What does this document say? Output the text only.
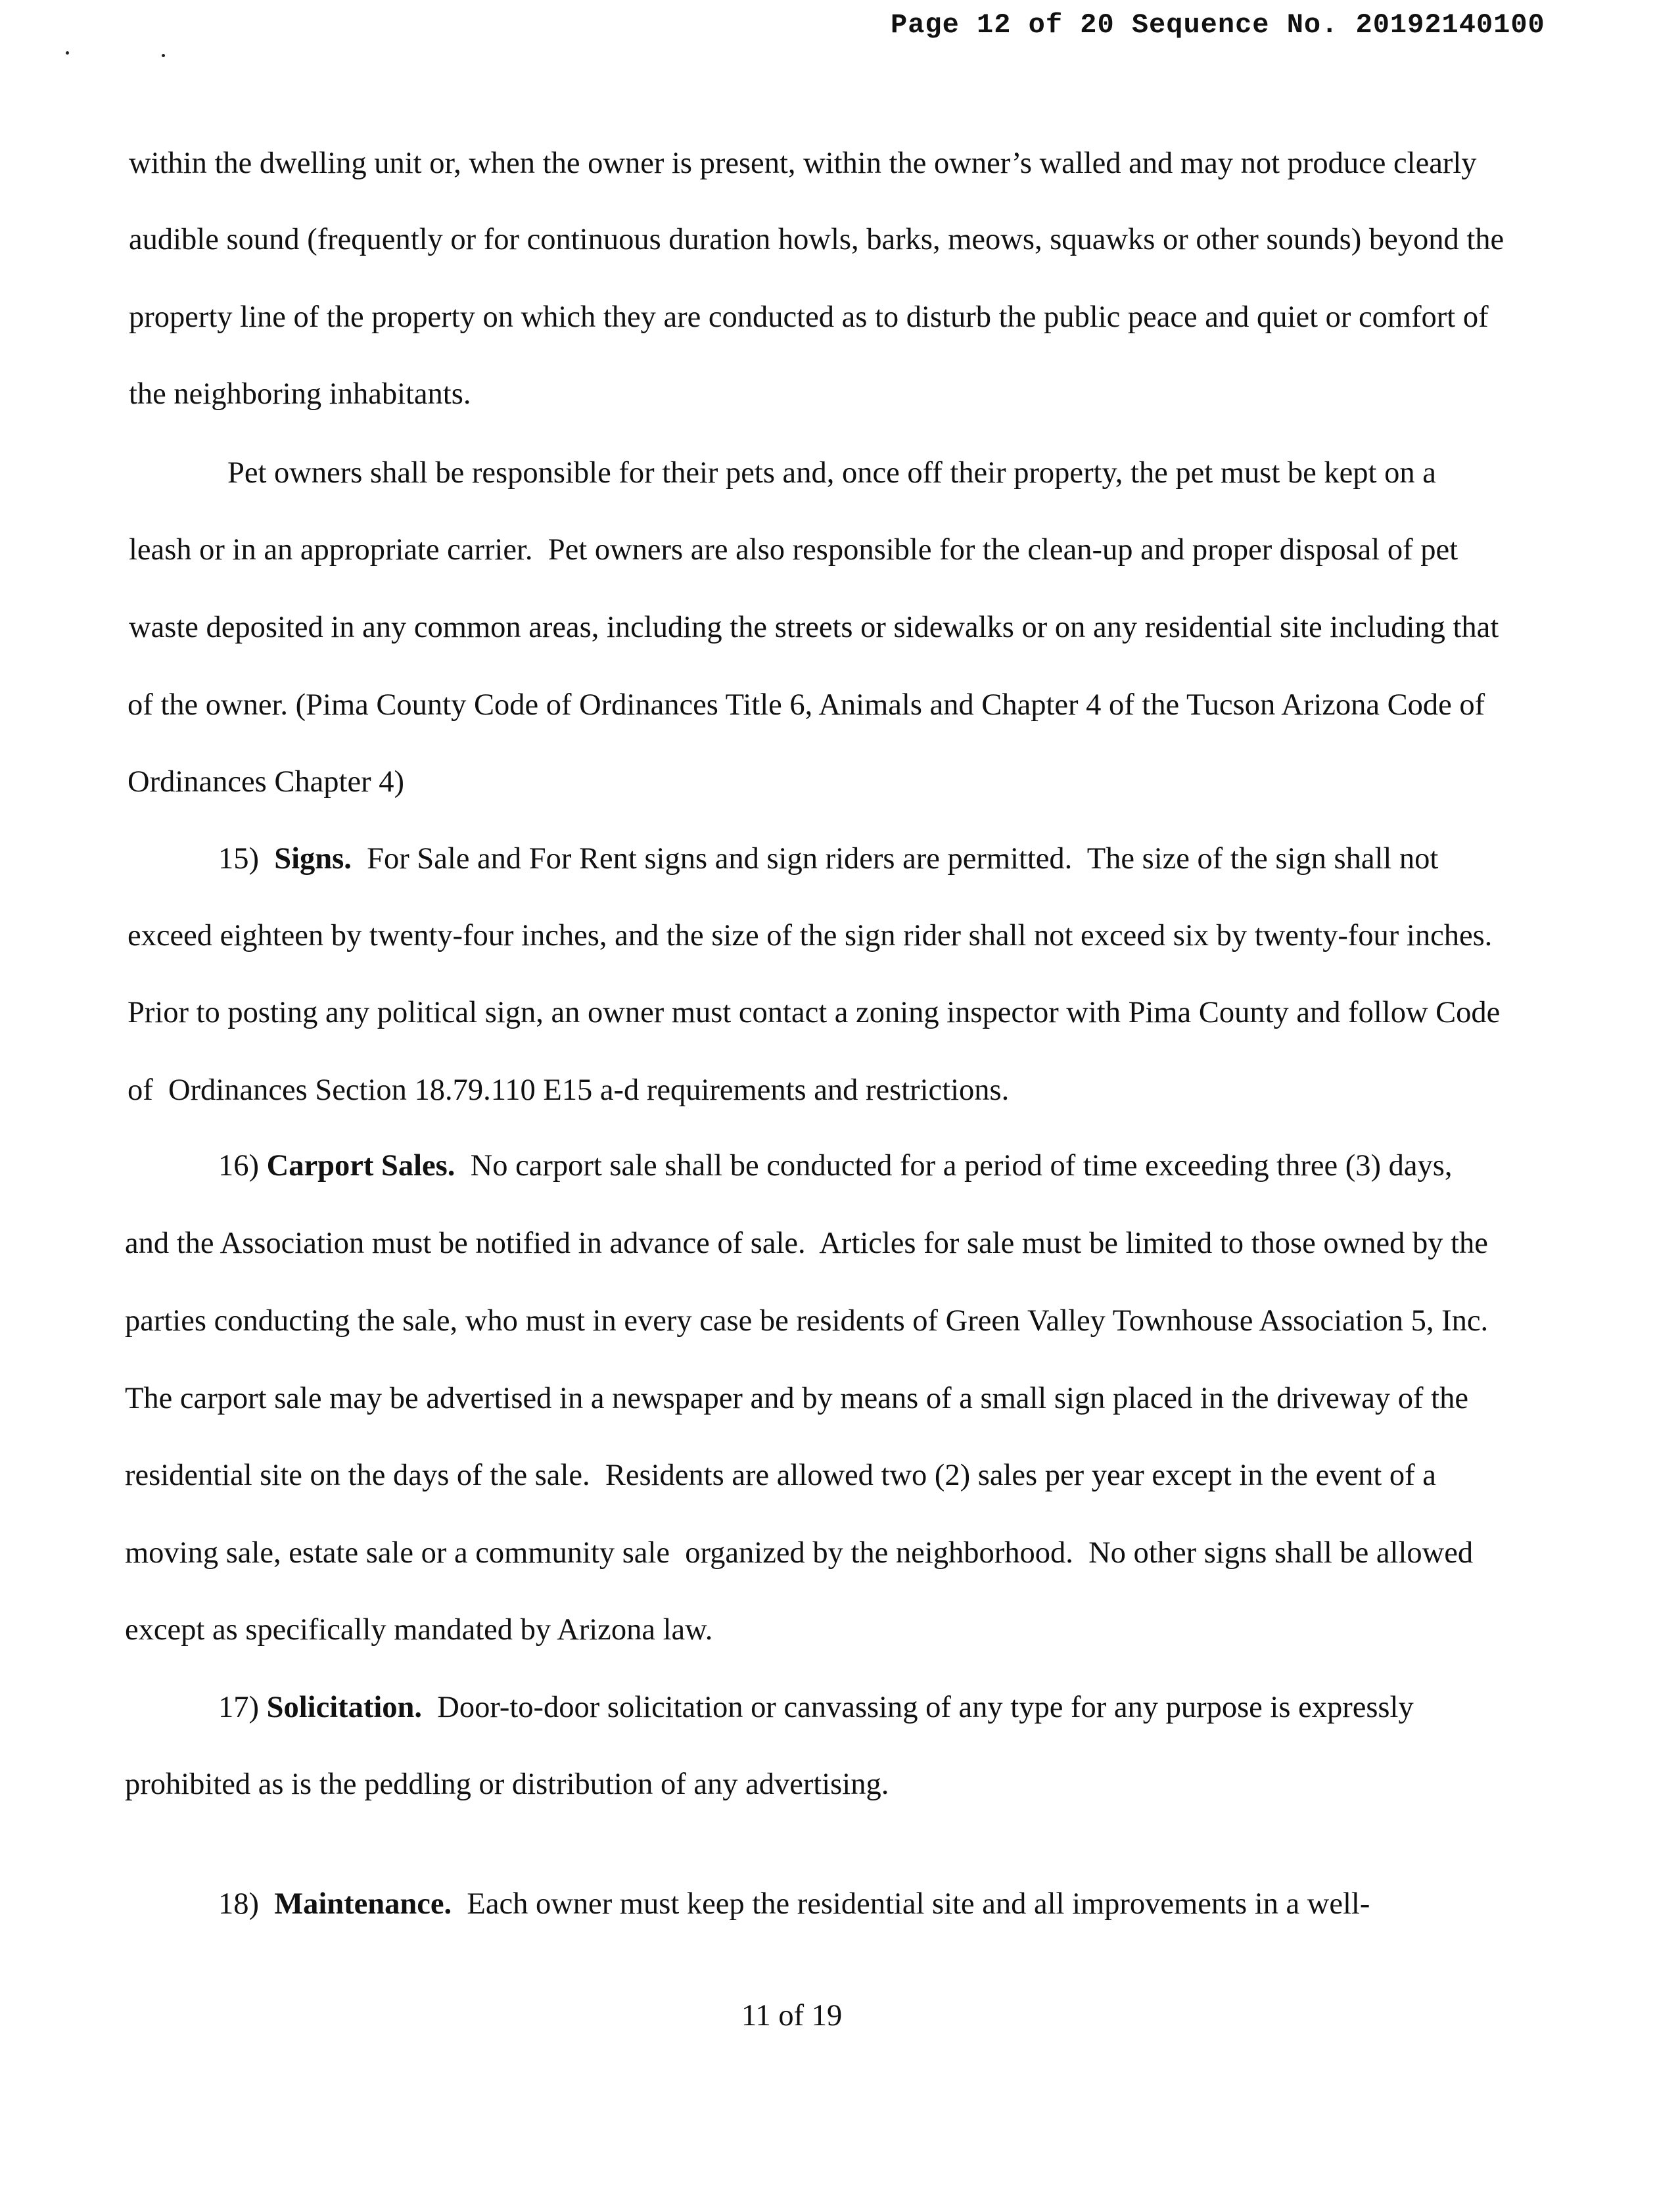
Page 12 of 20 Sequence No. 20192140100
within the dwelling unit or, when the owner is present, within the owner’s walled and may not produce clearly
audible sound (frequently or for continuous duration howls, barks, meows, squawks or other sounds) beyond the
property line of the property on which they are conducted as to disturb the public peace and quiet or comfort of
the neighboring inhabitants.
Pet owners shall be responsible for their pets and, once off their property, the pet must be kept on a
leash or in an appropriate carrier.  Pet owners are also responsible for the clean-up and proper disposal of pet
waste deposited in any common areas, including the streets or sidewalks or on any residential site including that
of the owner. (Pima County Code of Ordinances Title 6, Animals and Chapter 4 of the Tucson Arizona Code of
Ordinances Chapter 4)
15) Signs. For Sale and For Rent signs and sign riders are permitted.  The size of the sign shall not
exceed eighteen by twenty-four inches, and the size of the sign rider shall not exceed six by twenty-four inches.
Prior to posting any political sign, an owner must contact a zoning inspector with Pima County and follow Code
of  Ordinances Section 18.79.110 E15 a-d requirements and restrictions.
16) Carport Sales. No carport sale shall be conducted for a period of time exceeding three (3) days,
and the Association must be notified in advance of sale.  Articles for sale must be limited to those owned by the
parties conducting the sale, who must in every case be residents of Green Valley Townhouse Association 5, Inc.
The carport sale may be advertised in a newspaper and by means of a small sign placed in the driveway of the
residential site on the days of the sale.  Residents are allowed two (2) sales per year except in the event of a
moving sale, estate sale or a community sale  organized by the neighborhood.  No other signs shall be allowed
except as specifically mandated by Arizona law.
17) Solicitation. Door-to-door solicitation or canvassing of any type for any purpose is expressly
prohibited as is the peddling or distribution of any advertising.
18) Maintenance. Each owner must keep the residential site and all improvements in a well-
11 of 19
